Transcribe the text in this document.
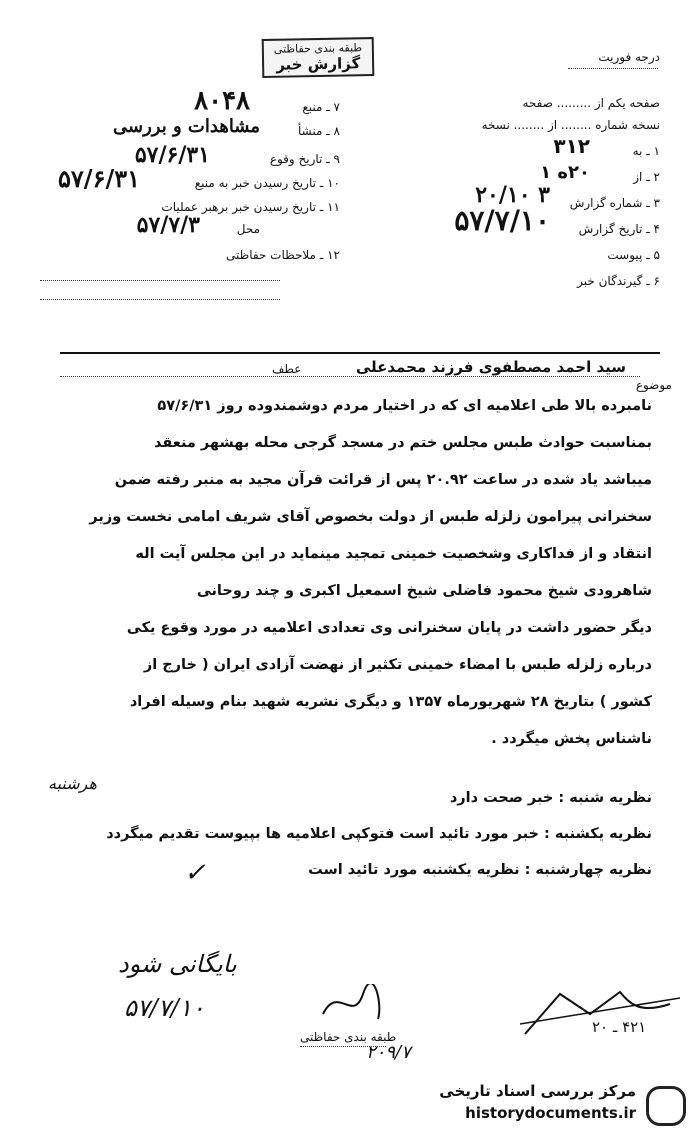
طبقه بندی حفاظتی
گزارش خبر	درجه فوریت
صفحه یکم از ......... صفحه
نسخه شماره ........ از ........ نسخه
۱ ـ به
۳۱۲
۲ ـ از
۲۰ه ۱
۳ ـ شماره گزارش
۲۰/۱۰ ۳
۴ ـ تاریخ گزارش
۵۷/۷/۱۰
۵ ـ پیوست
۶ ـ گیرندگان خبر
۷ ـ منبع
۸۰۴۸
۸ ـ منشأ
مشاهدات و بررسی
۹ ـ تاریخ وقوع
۵۷/۶/۳۱
۱۰ ـ تاریخ رسیدن خبر به منبع
۵۷/۶/۳۱
۱۱ ـ تاریخ رسیدن خبر برهبر عملیات
محل
۵۷/۷/۳
۱۲ ـ ملاحظات حفاظتی
موضوع
عطف	سید احمد مصطفوی فرزند محمدعلی
نامبرده بالا طی اعلامیه ای که در اختیار مردم دوشمندوده روز ۵۷/۶/۳۱
بمناسبت حوادث طبس مجلس ختم در مسجد گرجی محله بهشهر منعقد
میباشد یاد شده در ساعت ۲۰.۹۲ پس از قرائت قرآن مجید به منبر رفته ضمن
سخنرانی پیرامون زلزله طبس از دولت بخصوص آقای شریف امامی نخست وزیر
انتقاد و از فداکاری وشخصیت خمینی تمجید مینماید در این مجلس آیت اله
شاهرودی شیخ محمود فاضلی شیخ اسمعیل اکبری و چند روحانی
دیگر حضور داشت در پایان سخنرانی وی تعدادی اعلامیه در مورد وقوع یکی
درباره زلزله طبس با امضاء خمینی تکثیر از نهضت آزادی ایران ( خارج از
کشور ) بتاریخ ۲۸ شهریورماه ۱۳۵۷ و دیگری نشریه شهید بنام وسیله افراد
ناشناس پخش میگردد .
هرشنبه
نظریه شنبه : خبر صحت دارد
نظریه یکشنبه : خبر مورد تائید است فتوکپی اعلامیه ها بپیوست تقدیم میگردد
نظریه چهارشنبه : نظریه یکشنبه مورد تائید است
✓
بایگانی شود
۵۷/۷/۱۰
۴۲۱ ـ ۲۰
۲۰۹/۷
طبقه بندی حفاظتی
مرکز بررسی اسناد تاریخی
historydocuments.ir
